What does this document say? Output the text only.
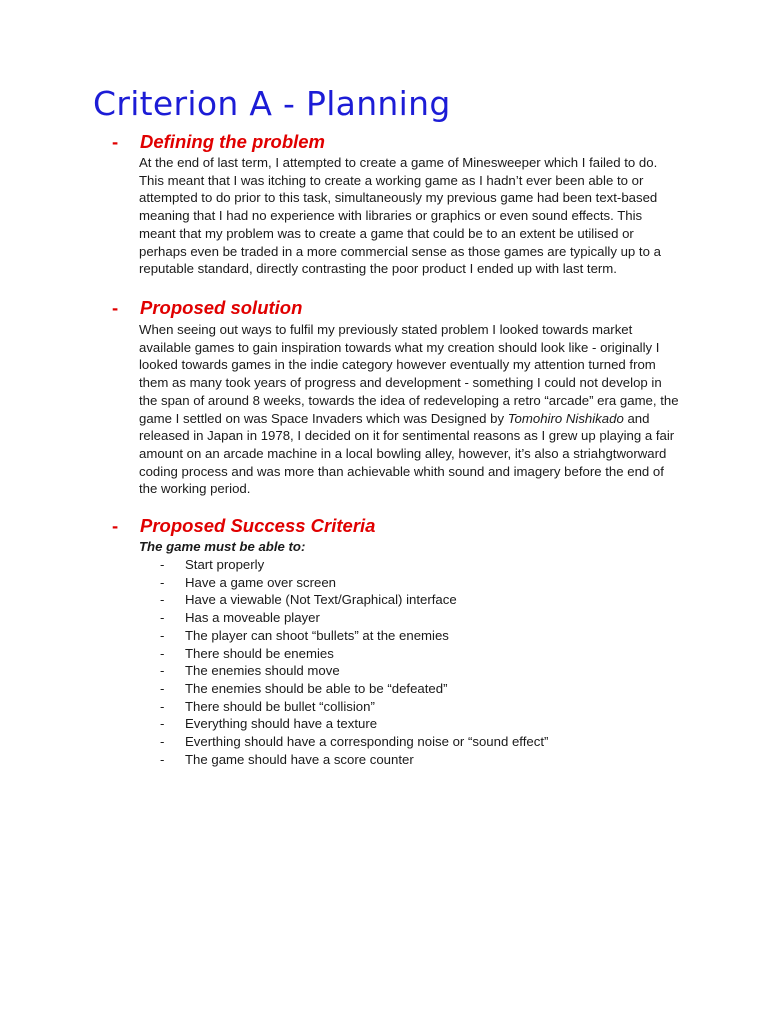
Criterion A - Planning
- Defining the problem

At the end of last term, I attempted to create a game of Minesweeper which I failed to do. This meant that I was itching to create a working game as I hadn’t ever been able to or attempted to do prior to this task, simultaneously my previous game had been text-based meaning that I had no experience with libraries or graphics or even sound effects. This meant that my problem was to create a game that could be to an extent be utilised or perhaps even be traded in a more commercial sense as those games are typically up to a reputable standard, directly contrasting the poor product I ended up with last term.

- Proposed solution

When seeing out ways to fulfil my previously stated problem I looked towards market available games to gain inspiration towards what my creation should look like - originally I looked towards games in the indie category however eventually my attention turned from them as many took years of progress and development - something I could not develop in the span of around 8 weeks, towards the idea of redeveloping a retro “arcade” era game, the game I settled on was Space Invaders which was Designed by Tomohiro Nishikado and released in Japan in 1978, I decided on it for sentimental reasons as I grew up playing a fair amount on an arcade machine in a local bowling alley, however, it’s also a striahgtworward coding process and was more than achievable whith sound and imagery before the end of the working period.

- Proposed Success Criteria

The game must be able to:

- Start properly
- Have a game over screen
- Have a viewable (Not Text/Graphical) interface
- Has a moveable player
- The player can shoot “bullets” at the enemies
- There should be enemies
- The enemies should move
- The enemies should be able to be “defeated”
- There should be bullet “collision”
- Everything should have a texture
- Everthing should have a corresponding noise or “sound effect”
- The game should have a score counter
